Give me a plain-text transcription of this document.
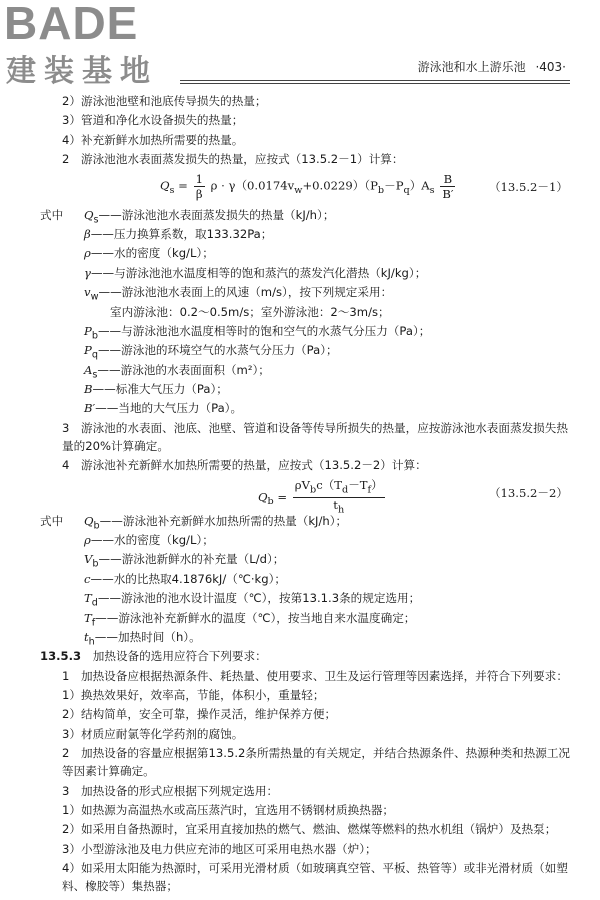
BADE
建装基地	游泳池和水上游乐池 ·403·
2）游泳池池壁和池底传导损失的热量；
3）管道和净化水设备损失的热量；
4）补充新鲜水加热所需要的热量。
2　游泳池池水表面蒸发损失的热量，应按式（13.5.2－1）计算：
$Q_s = \frac{1}{\beta}$ $\rho \cdot \gamma(0.0174v_w+0.0229)(P_b-P_q)A_s \frac{B}{B'}$	（13.5.2－1）
式中 $Q_s——$游泳池池水表面蒸发损失的热量（kJ/h）；
β——压力换算系数，取133.32Pa；
ρ——水的密度（kg/L）；
γ——与游泳池池水温度相等的饱和蒸汽的蒸发汽化潜热（kJ/kg）；
$v_w——$游泳池池水表面上的风速（m/s），按下列规定采用：
室内游泳池：0.2～0.5m/s；室外游泳池：2～3m/s；
$P_b——$与游泳池池水温度相等时的饱和空气的水蒸气分压力（Pa）；
$P_q——$游泳池的环境空气的水蒸气分压力（Pa）；
$A_s——$游泳池的水表面面积（m²）；
B——标准大气压力（Pa）；
B′——当地的大气压力（Pa）。
3　游泳池的水表面、池底、池壁、管道和设备等传导所损失的热量，应按游泳池水表面蒸发损失热量的20%计算确定。
4　游泳池补充新鲜水加热所需要的热量，应按式（13.5.2－2）计算：
$Q_b = \frac{\rho V_bc(T_d-T_f)}{t_h}$	（13.5.2－2）
式中 $Q_b——$游泳池补充新鲜水加热所需的热量（kJ/h）；
ρ——水的密度（kg/L）；
$V_b——$游泳池新鲜水的补充量（L/d）；
c——水的比热取4.1876kJ/（℃·kg）；
$T_d——$游泳池的池水设计温度（℃），按第13.1.3条的规定选用；
$T_f——$游泳池补充新鲜水的温度（℃），按当地自来水温度确定；
$t_h——$加热时间（h）。
13.5.3 加热设备的选用应符合下列要求：
1　加热设备应根据热源条件、耗热量、使用要求、卫生及运行管理等因素选择，并符合下列要求：
1）换热效果好，效率高，节能，体积小，重量轻；
2）结构简单，安全可靠，操作灵活，维护保养方便；
3）材质应耐氯等化学药剂的腐蚀。
2　加热设备的容量应根据第13.5.2条所需热量的有关规定，并结合热源条件、热源种类和热源工况等因素计算确定。
3　加热设备的形式应根据下列规定选用：
1）如热源为高温热水或高压蒸汽时，宜选用不锈钢材质换热器；
2）如采用自备热源时，宜采用直接加热的燃气、燃油、燃煤等燃料的热水机组（锅炉）及热泵；
3）小型游泳池及电力供应充沛的地区可采用电热水器（炉）；
4）如采用太阳能为热源时，可采用光滑材质（如玻璃真空管、平板、热管等）或非光滑材质（如塑料、橡胶等）集热器；
